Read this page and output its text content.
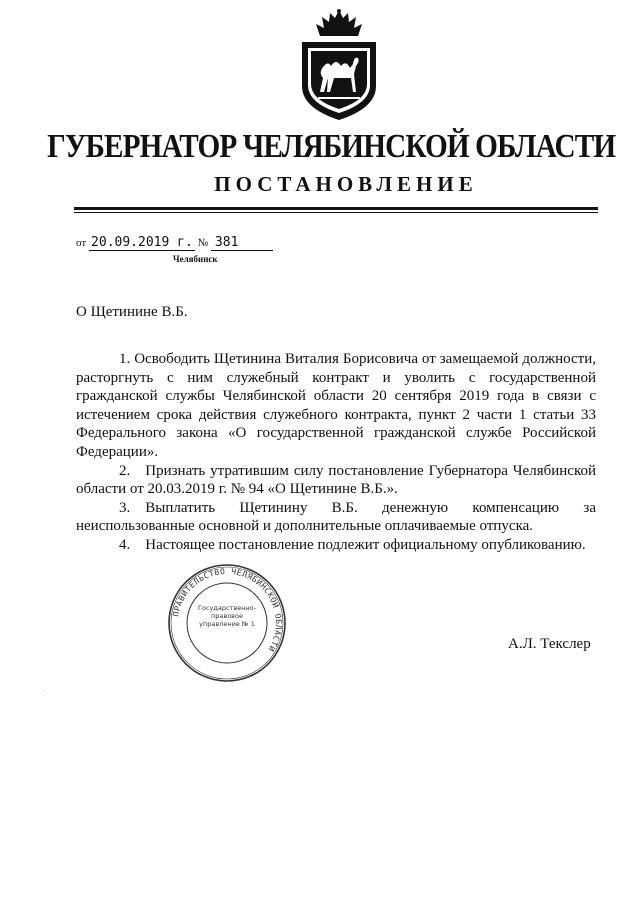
ГУБЕРНАТОР ЧЕЛЯБИНСКОЙ ОБЛАСТИ
ПОСТАНОВЛЕНИЕ
от 20.09.2019 г. № 381
Челябинск
О Щетинине В.Б.

1. Освободить Щетинина Виталия Борисовича от замещаемой должности, расторгнуть с ним служебный контракт и уволить с государственной гражданской службы Челябинской области 20 сентября 2019 года в связи с истечением срока действия служебного контракта, пункт 2 части 1 статьи 33 Федерального закона «О государственной гражданской службе Российской Федерации».

2. Признать утратившим силу постановление Губернатора Челябинской области от 20.03.2019 г. № 94 «О Щетинине В.Б.».

3. Выплатить Щетинину В.Б. денежную компенсацию за неиспользованные основной и дополнительные оплачиваемые отпуска.

4. Настоящее постановление подлежит официальному опубликованию.

ПРАВИТЕЛЬСТВО ЧЕЛЯБИНСКОЙ ОБЛАСТИ
Государственно-правовое управление № 1
А.Л. Текслер
